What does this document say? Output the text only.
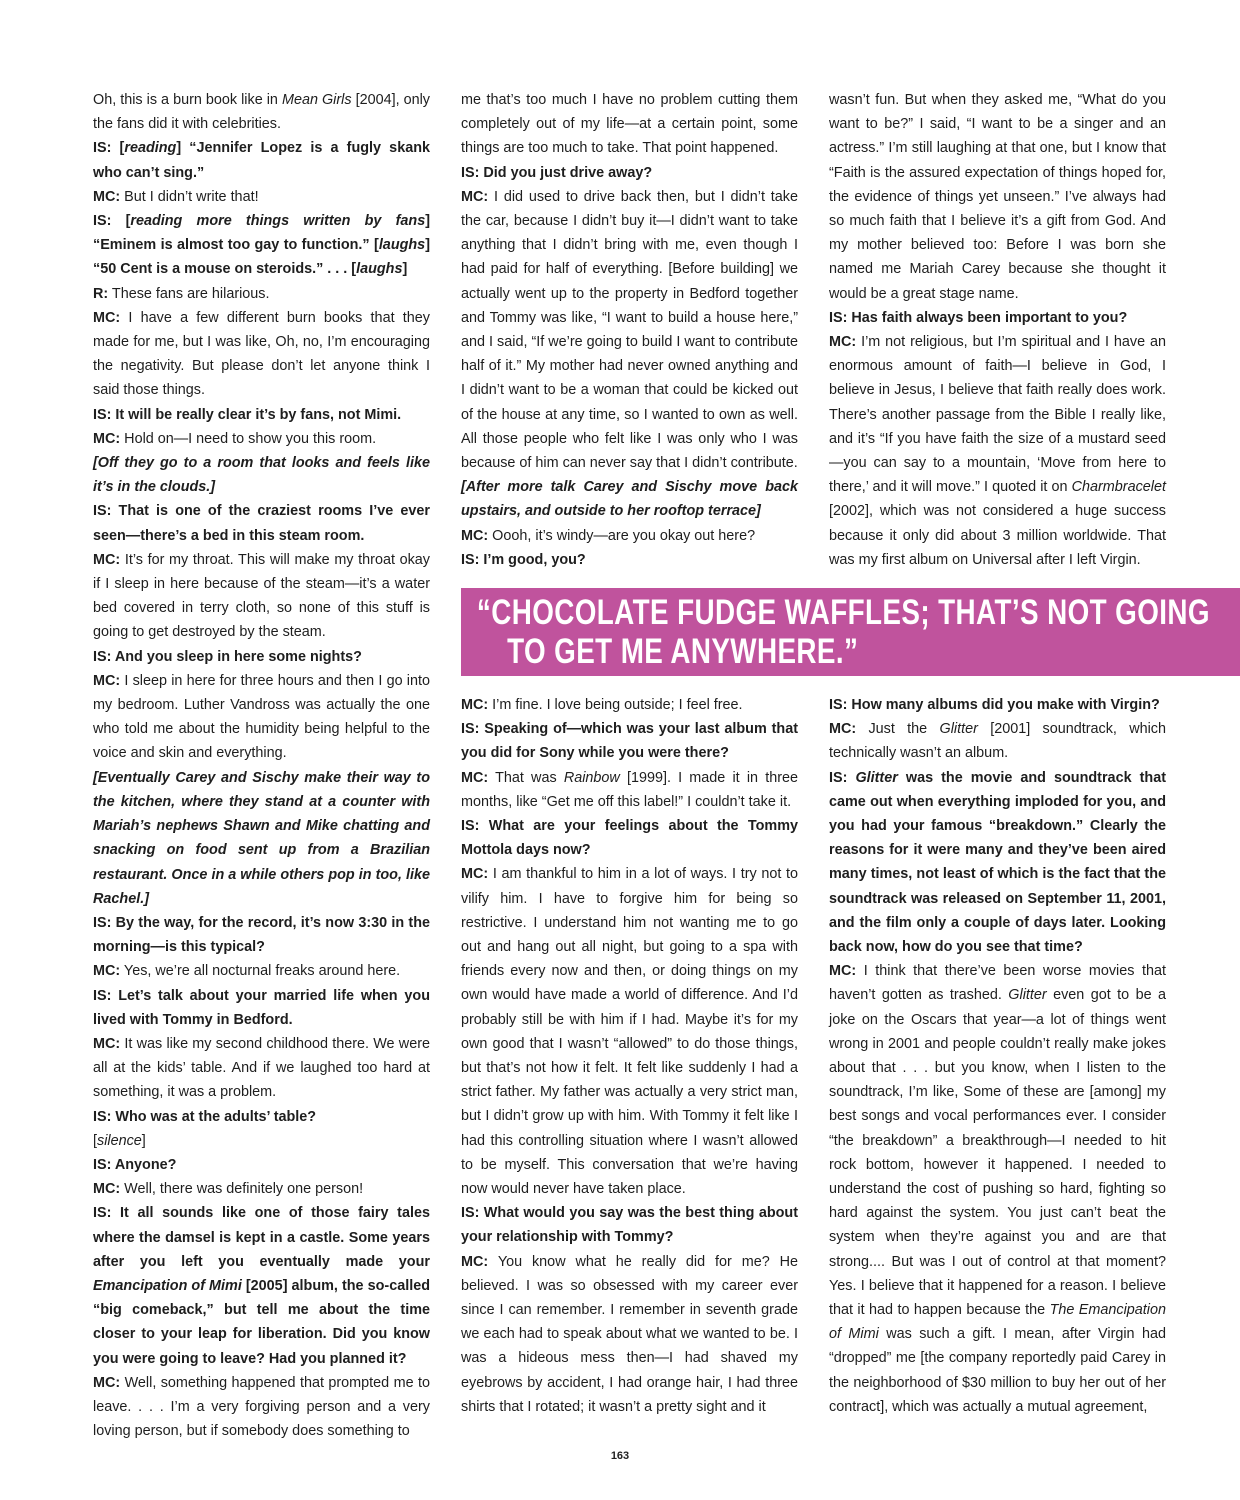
Oh, this is a burn book like in Mean Girls [2004], only the fans did it with celebrities.

IS: [reading] “Jennifer Lopez is a fugly skank who can’t sing.”

MC: But I didn’t write that!

IS: [reading more things written by fans] “Eminem is almost too gay to function.” [laughs] “50 Cent is a mouse on steroids.” . . . [laughs]

R: These fans are hilarious.

MC: I have a few different burn books that they made for me, but I was like, Oh, no, I’m encouraging the negativity. But please don’t let anyone think I said those things.

IS: It will be really clear it’s by fans, not Mimi.

MC: Hold on—I need to show you this room.

[Off they go to a room that looks and feels like it’s in the clouds.]

IS: That is one of the craziest rooms I’ve ever seen—there’s a bed in this steam room.

MC: It’s for my throat. This will make my throat okay if I sleep in here because of the steam—it’s a water bed covered in terry cloth, so none of this stuff is going to get destroyed by the steam.

IS: And you sleep in here some nights?

MC: I sleep in here for three hours and then I go into my bedroom. Luther Vandross was actually the one who told me about the humidity being helpful to the voice and skin and everything.

[Eventually Carey and Sischy make their way to the kitchen, where they stand at a counter with Mariah’s nephews Shawn and Mike chatting and snacking on food sent up from a Brazilian restaurant. Once in a while others pop in too, like Rachel.]

IS: By the way, for the record, it’s now 3:30 in the morning—is this typical?

MC: Yes, we’re all nocturnal freaks around here.

IS: Let’s talk about your married life when you lived with Tommy in Bedford.

MC: It was like my second childhood there. We were all at the kids’ table. And if we laughed too hard at something, it was a problem.

IS: Who was at the adults’ table?

[silence]

IS: Anyone?

MC: Well, there was definitely one person!

IS: It all sounds like one of those fairy tales where the damsel is kept in a castle. Some years after you left you eventually made your Emancipation of Mimi [2005] album, the so-called “big comeback,” but tell me about the time closer to your leap for liberation. Did you know you were going to leave? Had you planned it?

MC: Well, something happened that prompted me to leave. . . . I’m a very forgiving person and a very loving person, but if somebody does something to

me that’s too much I have no problem cutting them completely out of my life—at a certain point, some things are too much to take. That point happened.

IS: Did you just drive away?

MC: I did used to drive back then, but I didn’t take the car, because I didn’t buy it—I didn’t want to take anything that I didn’t bring with me, even though I had paid for half of everything. [Before building] we actually went up to the property in Bedford together and Tommy was like, “I want to build a house here,” and I said, “If we’re going to build I want to contribute half of it.” My mother had never owned anything and I didn’t want to be a woman that could be kicked out of the house at any time, so I wanted to own as well. All those people who felt like I was only who I was because of him can never say that I didn’t contribute.

[After more talk Carey and Sischy move back upstairs, and outside to her rooftop terrace]

MC: Oooh, it’s windy—are you okay out here?

IS: I’m good, you?

wasn’t fun. But when they asked me, “What do you want to be?” I said, “I want to be a singer and an actress.” I’m still laughing at that one, but I know that “Faith is the assured expectation of things hoped for, the evidence of things yet unseen.” I’ve always had so much faith that I believe it’s a gift from God. And my mother believed too: Before I was born she named me Mariah Carey because she thought it would be a great stage name.

IS: Has faith always been important to you?

MC: I’m not religious, but I’m spiritual and I have an enormous amount of faith—I believe in God, I believe in Jesus, I believe that faith really does work. There’s another passage from the Bible I really like, and it’s “If you have faith the size of a mustard seed—you can say to a mountain, ‘Move from here to there,’ and it will move.” I quoted it on Charmbracelet [2002], which was not considered a huge success because it only did about 3 million worldwide. That was my first album on Universal after I left Virgin.

“CHOCOLATE FUDGE WAFFLES; THAT’S NOT GOING
TO GET ME ANYWHERE.”

MC: I’m fine. I love being outside; I feel free.

IS: Speaking of—which was your last album that you did for Sony while you were there?

MC: That was Rainbow [1999]. I made it in three months, like “Get me off this label!” I couldn’t take it.

IS: What are your feelings about the Tommy Mottola days now?

MC: I am thankful to him in a lot of ways. I try not to vilify him. I have to forgive him for being so restrictive. I understand him not wanting me to go out and hang out all night, but going to a spa with friends every now and then, or doing things on my own would have made a world of difference. And I’d probably still be with him if I had. Maybe it’s for my own good that I wasn’t “allowed” to do those things, but that’s not how it felt. It felt like suddenly I had a strict father. My father was actually a very strict man, but I didn’t grow up with him. With Tommy it felt like I had this controlling situation where I wasn’t allowed to be myself. This conversation that we’re having now would never have taken place.

IS: What would you say was the best thing about your relationship with Tommy?

MC: You know what he really did for me? He believed. I was so obsessed with my career ever since I can remember. I remember in seventh grade we each had to speak about what we wanted to be. I was a hideous mess then—I had shaved my eyebrows by accident, I had orange hair, I had three shirts that I rotated; it wasn’t a pretty sight and it

IS: How many albums did you make with Virgin?

MC: Just the Glitter [2001] soundtrack, which technically wasn’t an album.

IS: Glitter was the movie and soundtrack that came out when everything imploded for you, and you had your famous “breakdown.” Clearly the reasons for it were many and they’ve been aired many times, not least of which is the fact that the soundtrack was released on September 11, 2001, and the film only a couple of days later. Looking back now, how do you see that time?

MC: I think that there’ve been worse movies that haven’t gotten as trashed. Glitter even got to be a joke on the Oscars that year—a lot of things went wrong in 2001 and people couldn’t really make jokes about that . . . but you know, when I listen to the soundtrack, I’m like, Some of these are [among] my best songs and vocal performances ever. I consider “the breakdown” a breakthrough—I needed to hit rock bottom, however it happened. I needed to understand the cost of pushing so hard, fighting so hard against the system. You just can’t beat the system when they’re against you and are that strong.... But was I out of control at that moment? Yes. I believe that it happened for a reason. I believe that it had to happen because the The Emancipation of Mimi was such a gift. I mean, after Virgin had “dropped” me [the company reportedly paid Carey in the neighborhood of $30 million to buy her out of her contract], which was actually a mutual agreement,

163
